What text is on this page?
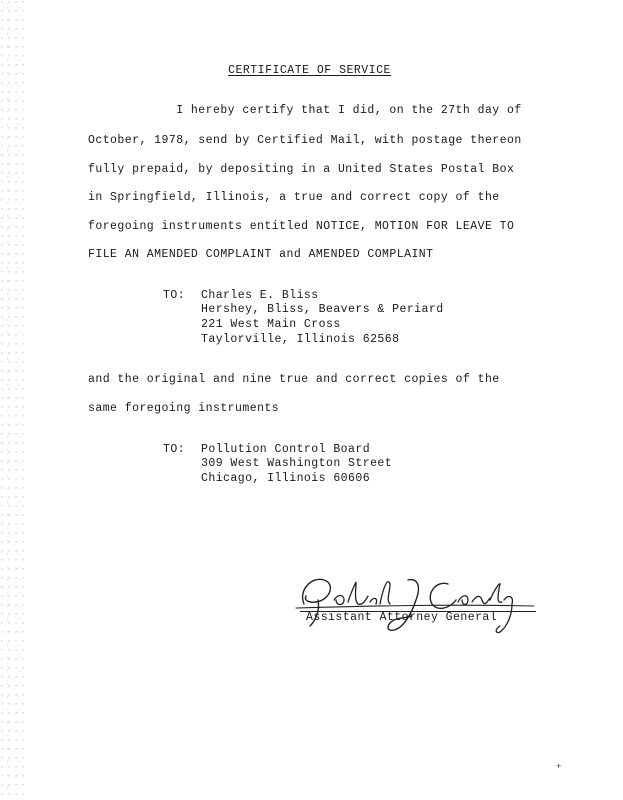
CERTIFICATE OF SERVICE
I hereby certify that I did, on the 27th day of
October, 1978, send by Certified Mail, with postage thereon
fully prepaid, by depositing in a United States Postal Box
in Springfield, Illinois, a true and correct copy of the
foregoing instruments entitled NOTICE, MOTION FOR LEAVE TO
FILE AN AMENDED COMPLAINT and AMENDED COMPLAINT
TO: Charles E. Bliss
Hershey, Bliss, Beavers & Periard
221 West Main Cross
Taylorville, Illinois 62568
and the original and nine true and correct copies of the
same foregoing instruments
TO: Pollution Control Board
309 West Washington Street
Chicago, Illinois 60606
Assistant Attorney General
+
